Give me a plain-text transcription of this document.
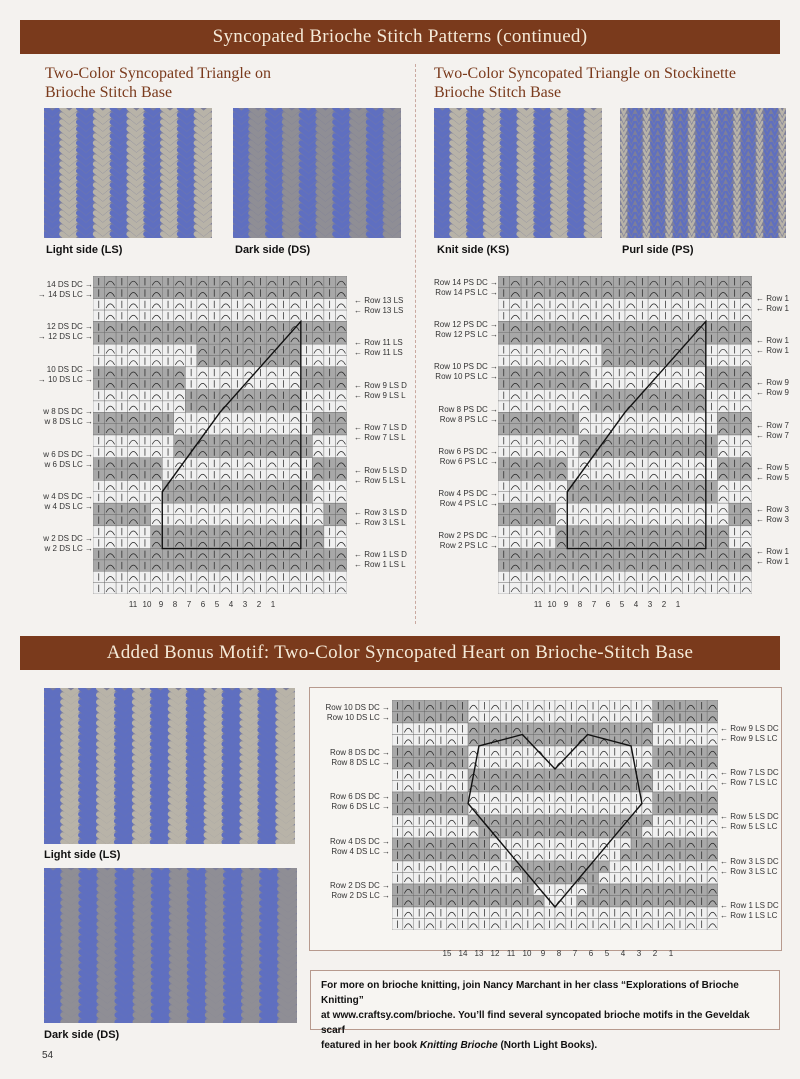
Syncopated Brioche Stitch Patterns (continued)
Two-Color Syncopated Triangle on
Brioche Stitch Base
Light side (LS)	Dark side (DS)
14 DS DC →
→ 14 DS LC →
12 DS DC →
→ 12 DS LC →
10 DS DC →
→ 10 DS LC →
w 8 DS DC →
w 8 DS LC →
w 6 DS DC →
w 6 DS LC →
w 4 DS DC →
w 4 DS LC →
w 2 DS DC →
w 2 DS LC →
← Row 13 LS
← Row 13 LS
← Row 11 LS
← Row 11 LS
← Row 9 LS D
← Row 9 LS L
← Row 7 LS D
← Row 7 LS L
← Row 5 LS D
← Row 5 LS L
← Row 3 LS D
← Row 3 LS L
← Row 1 LS D
← Row 1 LS L
11 10 9	8	7	6	5	4	3	2	1
Two-Color Syncopated Triangle on Stockinette
Brioche Stitch Base
Knit side (KS)	Purl side (PS)
Row 14 PS DC →
Row 14 PS LC →
Row 12 PS DC →
Row 12 PS LC →
Row 10 PS DC →
Row 10 PS LC →
Row 8 PS DC →
Row 8 PS LC →
Row 6 PS DC →
Row 6 PS LC →
Row 4 PS DC →
Row 4 PS LC →
Row 2 PS DC →
Row 2 PS LC →
← Row 1
← Row 1
← Row 1
← Row 1
← Row 9
← Row 9
← Row 7
← Row 7
← Row 5
← Row 5
← Row 3
← Row 3
← Row 1
← Row 1
11 10 9	8	7	6	5	4	3	2	1
Added Bonus Motif: Two-Color Syncopated Heart on Brioche-Stitch Base
Light side (LS)
Dark side (DS)
Row 10 DS DC →
Row 10 DS LC →
Row 8 DS DC →
Row 8 DS LC →
Row 6 DS DC →
Row 6 DS LC →
Row 4 DS DC →
Row 4 DS LC →
Row 2 DS DC →
Row 2 DS LC →
← Row 9 LS DC
← Row 9 LS LC
← Row 7 LS DC
← Row 7 LS LC
← Row 5 LS DC
← Row 5 LS LC
← Row 3 LS DC
← Row 3 LS LC
← Row 1 LS DC
← Row 1 LS LC
15 14 13 12 11 10	9	8	7	6	5	4	3	2	1
For more on brioche knitting, join Nancy Marchant in her class “Explorations of Brioche Knitting”
at www.craftsy.com/brioche. You’ll find several syncopated brioche motifs in the Geveldak scarf
featured in her book Knitting Brioche (North Light Books).
54
